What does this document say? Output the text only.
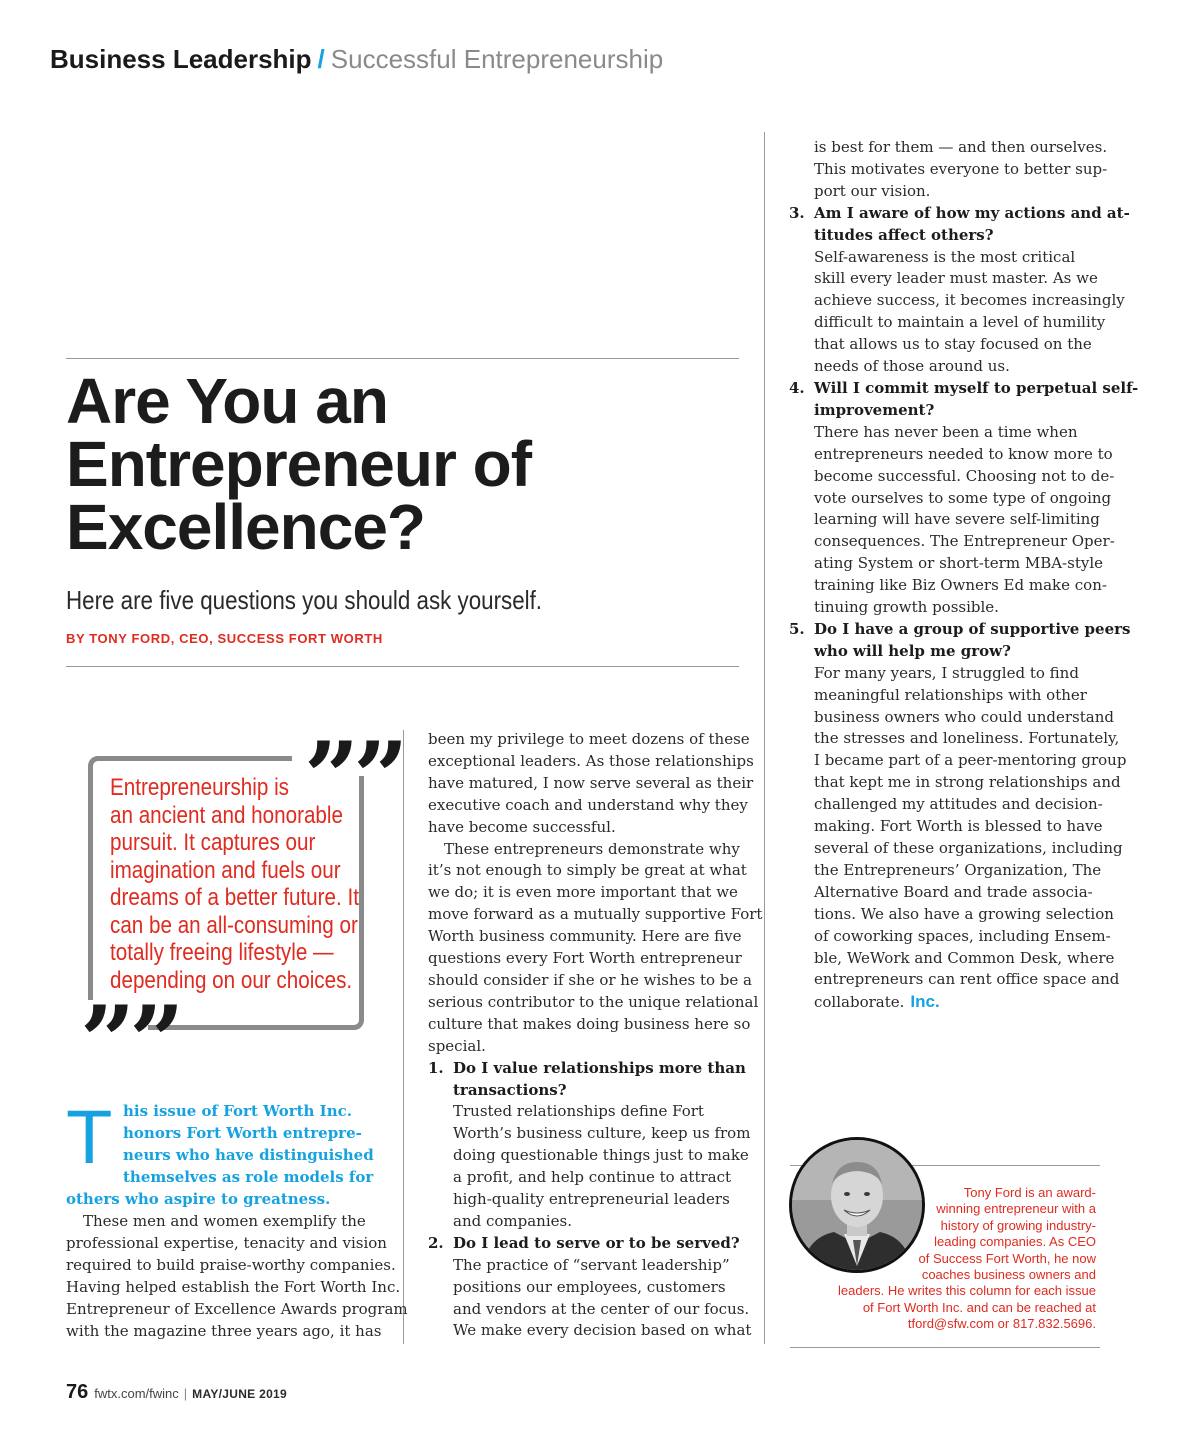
Business Leadership / Successful Entrepreneurship
Are You an
Entrepreneur of
Excellence?
Here are five questions you should ask yourself.
BY TONY FORD, CEO, SUCCESS FORT WORTH
””
””
Entrepreneurship is
an ancient and honorable
pursuit. It captures our
imagination and fuels our
dreams of a better future. It
can be an all-consuming or
totally freeing lifestyle —
depending on our choices.
T his issue of Fort Worth Inc.
honors Fort Worth entrepre-
neurs who have distinguished
themselves as role models for
others who aspire to greatness.
These men and women exemplify the
professional expertise, tenacity and vision
required to build praise-worthy companies.
Having helped establish the Fort Worth Inc.
Entrepreneur of Excellence Awards program
with the magazine three years ago, it has
been my privilege to meet dozens of these
exceptional leaders. As those relationships
have matured, I now serve several as their
executive coach and understand why they
have become successful.
These entrepreneurs demonstrate why
it’s not enough to simply be great at what
we do; it is even more important that we
move forward as a mutually supportive Fort
Worth business community. Here are five
questions every Fort Worth entrepreneur
should consider if she or he wishes to be a
serious contributor to the unique relational
culture that makes doing business here so
special.
1. Do I value relationships more than
transactions?
Trusted relationships define Fort
Worth’s business culture, keep us from
doing questionable things just to make
a profit, and help continue to attract
high-quality entrepreneurial leaders
and companies.
2. Do I lead to serve or to be served?
The practice of “servant leadership”
positions our employees, customers
and vendors at the center of our focus.
We make every decision based on what
is best for them — and then ourselves.
This motivates everyone to better sup-
port our vision.
3. Am I aware of how my actions and at-
titudes affect others?
Self-awareness is the most critical
skill every leader must master. As we
achieve success, it becomes increasingly
difficult to maintain a level of humility
that allows us to stay focused on the
needs of those around us.
4. Will I commit myself to perpetual self-
improvement?
There has never been a time when
entrepreneurs needed to know more to
become successful. Choosing not to de-
vote ourselves to some type of ongoing
learning will have severe self-limiting
consequences. The Entrepreneur Oper-
ating System or short-term MBA-style
training like Biz Owners Ed make con-
tinuing growth possible.
5. Do I have a group of supportive peers
who will help me grow?
For many years, I struggled to find
meaningful relationships with other
business owners who could understand
the stresses and loneliness. Fortunately,
I became part of a peer-mentoring group
that kept me in strong relationships and
challenged my attitudes and decision-
making. Fort Worth is blessed to have
several of these organizations, including
the Entrepreneurs’ Organization, The
Alternative Board and trade associa-
tions. We also have a growing selection
of coworking spaces, including Ensem-
ble, WeWork and Common Desk, where
entrepreneurs can rent office space and
collaborate. Inc.
Tony Ford is an award-
winning entrepreneur with a
history of growing industry-
leading companies. As CEO
of Success Fort Worth, he now
coaches business owners and
leaders. He writes this column for each issue
of Fort Worth Inc. and can be reached at
tford@sfw.com or 817.832.5696.
76 fwtx.com/fwinc | MAY/JUNE 2019
